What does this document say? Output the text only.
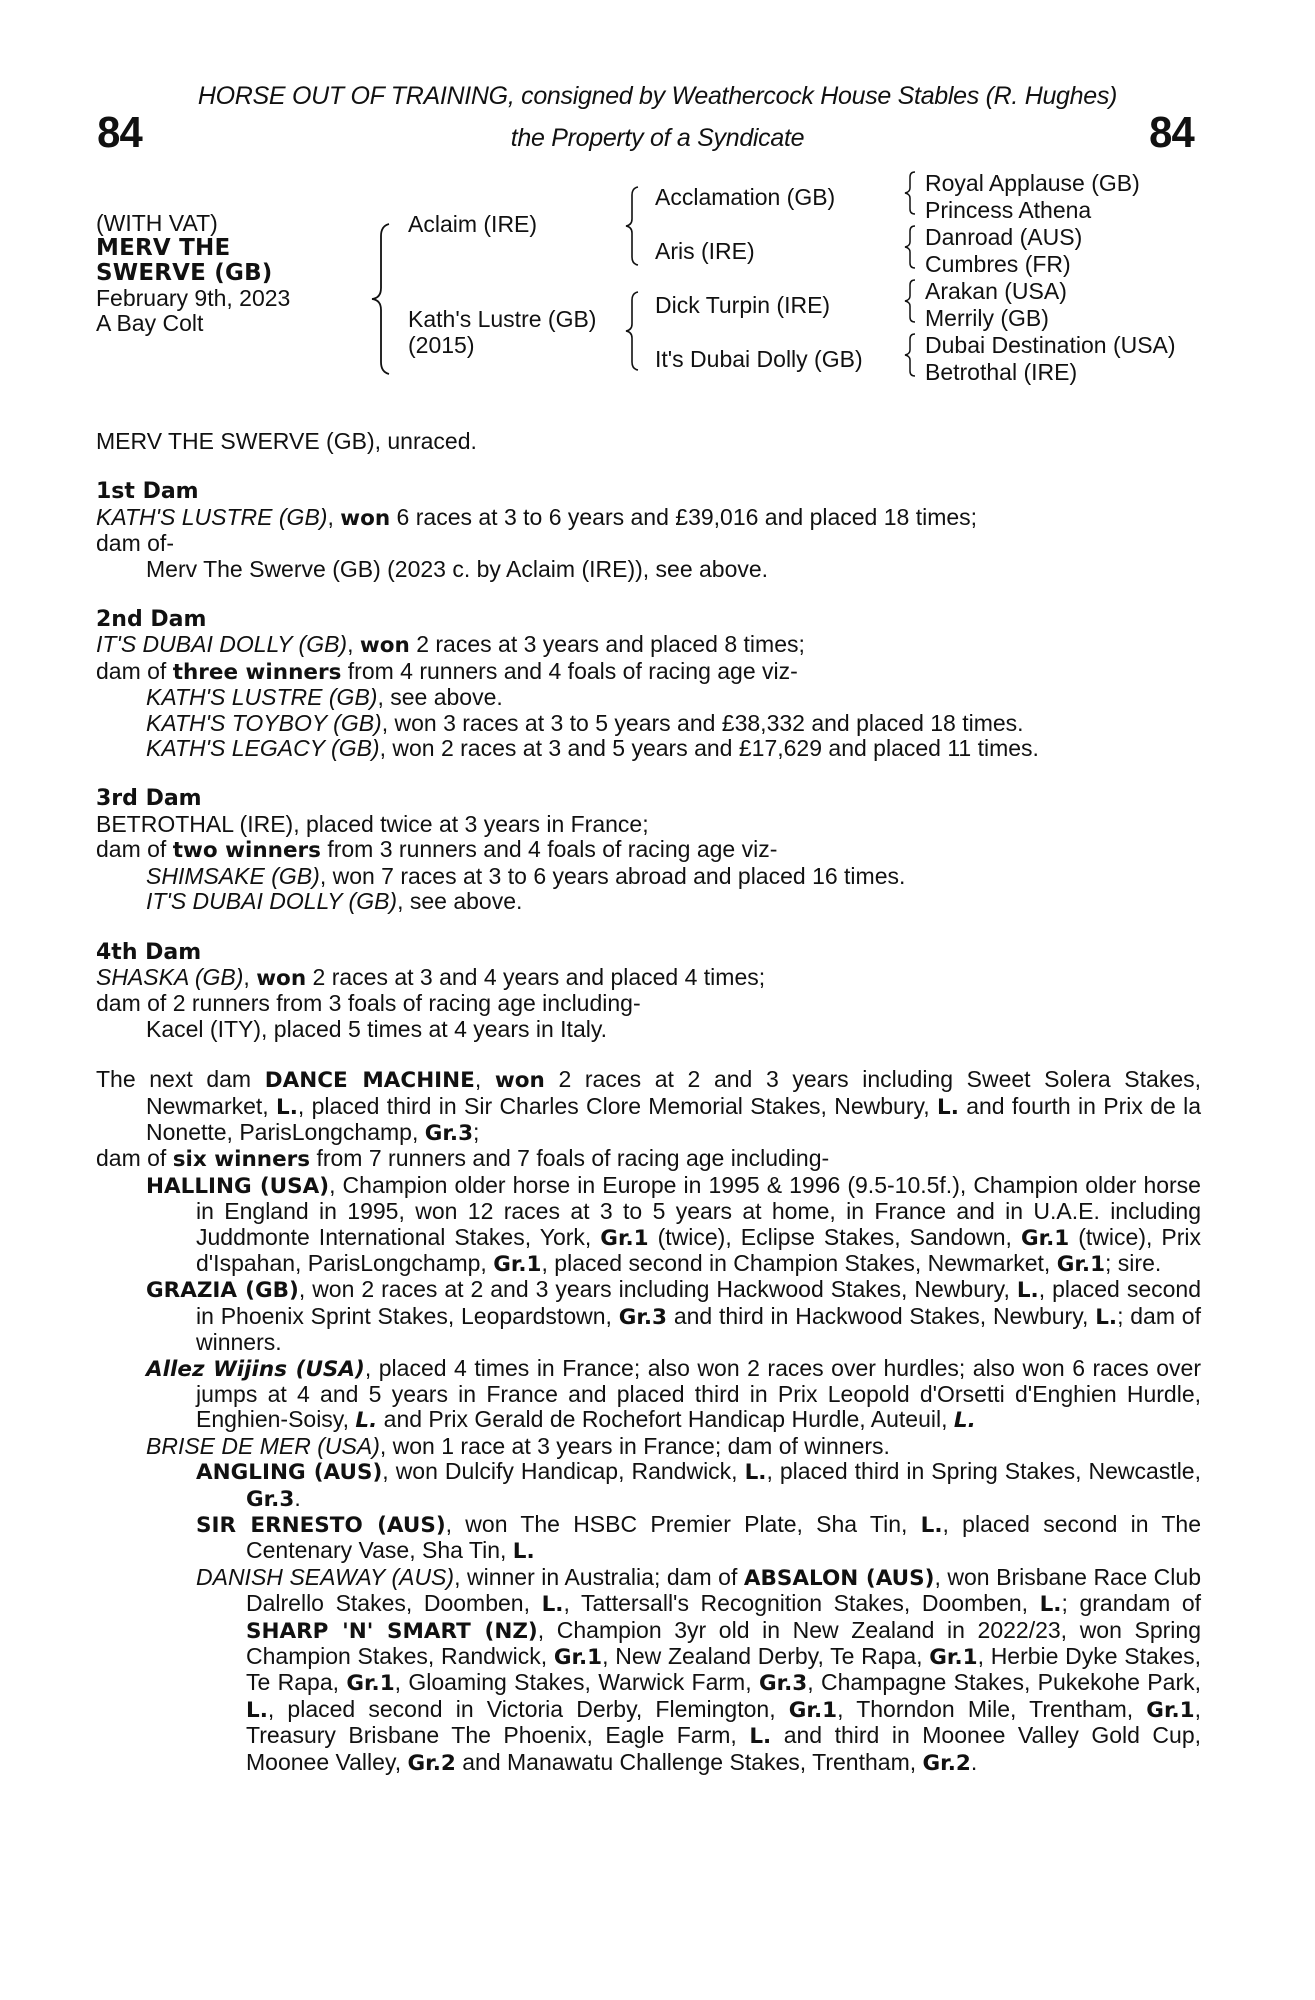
HORSE OUT OF TRAINING, consigned by Weathercock House Stables (R. Hughes)
the Property of a Syndicate
84	84
(WITH VAT)
MERV THE
SWERVE (GB)
February 9th, 2023
A Bay Colt
Aclaim (IRE)
Kath's Lustre (GB)
(2015)
Acclamation (GB)
Aris (IRE)
Dick Turpin (IRE)
It's Dubai Dolly (GB)
Royal Applause (GB)
Princess Athena
Danroad (AUS)
Cumbres (FR)
Arakan (USA)
Merrily (GB)
Dubai Destination (USA)
Betrothal (IRE)
MERV THE SWERVE (GB), unraced.
1st Dam
KATH'S LUSTRE (GB), won 6 races at 3 to 6 years and £39,016 and placed 18 times;
dam of-
Merv The Swerve (GB) (2023 c. by Aclaim (IRE)), see above.
2nd Dam
IT'S DUBAI DOLLY (GB), won 2 races at 3 years and placed 8 times;
dam of three winners from 4 runners and 4 foals of racing age viz-
KATH'S LUSTRE (GB), see above.
KATH'S TOYBOY (GB), won 3 races at 3 to 5 years and £38,332 and placed 18 times.
KATH'S LEGACY (GB), won 2 races at 3 and 5 years and £17,629 and placed 11 times.
3rd Dam
BETROTHAL (IRE), placed twice at 3 years in France;
dam of two winners from 3 runners and 4 foals of racing age viz-
SHIMSAKE (GB), won 7 races at 3 to 6 years abroad and placed 16 times.
IT'S DUBAI DOLLY (GB), see above.
4th Dam
SHASKA (GB), won 2 races at 3 and 4 years and placed 4 times;
dam of 2 runners from 3 foals of racing age including-
Kacel (ITY), placed 5 times at 4 years in Italy.
The next dam DANCE MACHINE, won 2 races at 2 and 3 years including Sweet Solera Stakes, Newmarket, L., placed third in Sir Charles Clore Memorial Stakes, Newbury, L. and fourth in Prix de la Nonette, ParisLongchamp, Gr.3;
dam of six winners from 7 runners and 7 foals of racing age including-
HALLING (USA), Champion older horse in Europe in 1995 & 1996 (9.5-10.5f.), Champion older horse in England in 1995, won 12 races at 3 to 5 years at home, in France and in U.A.E. including Juddmonte International Stakes, York, Gr.1 (twice), Eclipse Stakes, Sandown, Gr.1 (twice), Prix d'Ispahan, ParisLongchamp, Gr.1, placed second in Champion Stakes, Newmarket, Gr.1; sire.
GRAZIA (GB), won 2 races at 2 and 3 years including Hackwood Stakes, Newbury, L., placed second in Phoenix Sprint Stakes, Leopardstown, Gr.3 and third in Hackwood Stakes, Newbury, L.; dam of winners.
Allez Wijins (USA), placed 4 times in France; also won 2 races over hurdles; also won 6 races over jumps at 4 and 5 years in France and placed third in Prix Leopold d'Orsetti d'Enghien Hurdle, Enghien-Soisy, L. and Prix Gerald de Rochefort Handicap Hurdle, Auteuil, L.
BRISE DE MER (USA), won 1 race at 3 years in France; dam of winners.
ANGLING (AUS), won Dulcify Handicap, Randwick, L., placed third in Spring Stakes, Newcastle, Gr.3.
SIR ERNESTO (AUS), won The HSBC Premier Plate, Sha Tin, L., placed second in The Centenary Vase, Sha Tin, L.
DANISH SEAWAY (AUS), winner in Australia; dam of ABSALON (AUS), won Brisbane Race Club Dalrello Stakes, Doomben, L., Tattersall's Recognition Stakes, Doomben, L.; grandam of SHARP 'N' SMART (NZ), Champion 3yr old in New Zealand in 2022/23, won Spring Champion Stakes, Randwick, Gr.1, New Zealand Derby, Te Rapa, Gr.1, Herbie Dyke Stakes, Te Rapa, Gr.1, Gloaming Stakes, Warwick Farm, Gr.3, Champagne Stakes, Pukekohe Park, L., placed second in Victoria Derby, Flemington, Gr.1, Thorndon Mile, Trentham, Gr.1, Treasury Brisbane The Phoenix, Eagle Farm, L. and third in Moonee Valley Gold Cup, Moonee Valley, Gr.2 and Manawatu Challenge Stakes, Trentham, Gr.2.
